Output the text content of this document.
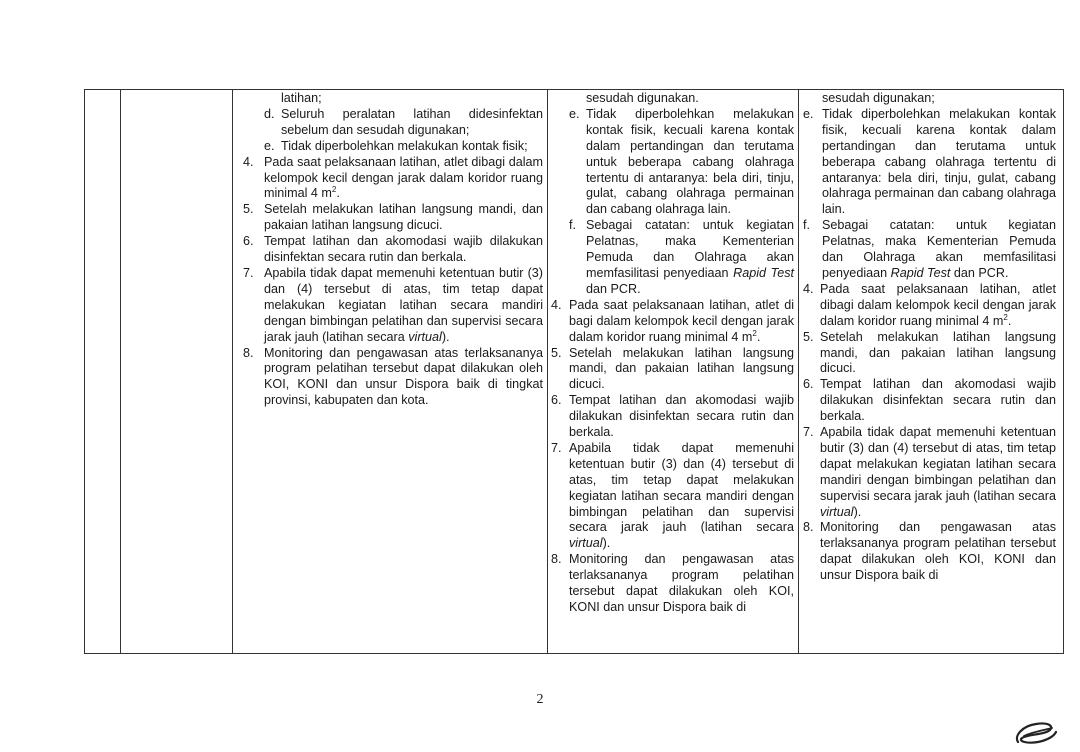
latihan;
d. Seluruh peralatan latihan didesinfektan sebelum dan sesudah digunakan;
e. Tidak diperbolehkan melakukan kontak fisik;
4. Pada saat pelaksanaan latihan, atlet dibagi dalam kelompok kecil dengan jarak dalam koridor ruang minimal 4 $m^2$.
5. Setelah melakukan latihan langsung mandi, dan pakaian latihan langsung dicuci.
6. Tempat latihan dan akomodasi wajib dilakukan disinfektan secara rutin dan berkala.
7. Apabila tidak dapat memenuhi ketentuan butir (3) dan (4) tersebut di atas, tim tetap dapat melakukan kegiatan latihan secara mandiri dengan bimbingan pelatihan dan supervisi secara jarak jauh (latihan secara virtual).
8. Monitoring dan pengawasan atas terlaksananya program pelatihan tersebut dapat dilakukan oleh KOI, KONI dan unsur Dispora baik di tingkat provinsi, kabupaten dan kota.

sesudah digunakan.
e. Tidak diperbolehkan melakukan kontak fisik, kecuali karena kontak dalam pertandingan dan terutama untuk beberapa cabang olahraga tertentu di antaranya: bela diri, tinju, gulat, cabang olahraga permainan dan cabang olahraga lain.
f. Sebagai catatan: untuk kegiatan Pelatnas, maka Kementerian Pemuda dan Olahraga akan memfasilitasi penyediaan Rapid Test dan PCR.
4. Pada saat pelaksanaan latihan, atlet di bagi dalam kelompok kecil dengan jarak dalam koridor ruang minimal 4 $m^2$.
5. Setelah melakukan latihan langsung mandi, dan pakaian latihan langsung dicuci.
6. Tempat latihan dan akomodasi wajib dilakukan disinfektan secara rutin dan berkala.
7. Apabila tidak dapat memenuhi ketentuan butir (3) dan (4) tersebut di atas, tim tetap dapat melakukan kegiatan latihan secara mandiri dengan bimbingan pelatihan dan supervisi secara jarak jauh (latihan secara virtual).
8. Monitoring dan pengawasan atas terlaksananya program pelatihan tersebut dapat dilakukan oleh KOI, KONI dan unsur Dispora baik di

sesudah digunakan;
e. Tidak diperbolehkan melakukan kontak fisik, kecuali karena kontak dalam pertandingan dan terutama untuk beberapa cabang olahraga tertentu di antaranya: bela diri, tinju, gulat, cabang olahraga permainan dan cabang olahraga lain.
f. Sebagai catatan: untuk kegiatan Pelatnas, maka Kementerian Pemuda dan Olahraga akan memfasilitasi penyediaan Rapid Test dan PCR.
4. Pada saat pelaksanaan latihan, atlet dibagi dalam kelompok kecil dengan jarak dalam koridor ruang minimal 4 $m^2$.
5. Setelah melakukan latihan langsung mandi, dan pakaian latihan langsung dicuci.
6. Tempat latihan dan akomodasi wajib dilakukan disinfektan secara rutin dan berkala.
7. Apabila tidak dapat memenuhi ketentuan butir (3) dan (4) tersebut di atas, tim tetap dapat melakukan kegiatan latihan secara mandiri dengan bimbingan pelatihan dan supervisi secara jarak jauh (latihan secara virtual).
8. Monitoring dan pengawasan atas terlaksananya program pelatihan tersebut dapat dilakukan oleh KOI, KONI dan unsur Dispora baik di
2
